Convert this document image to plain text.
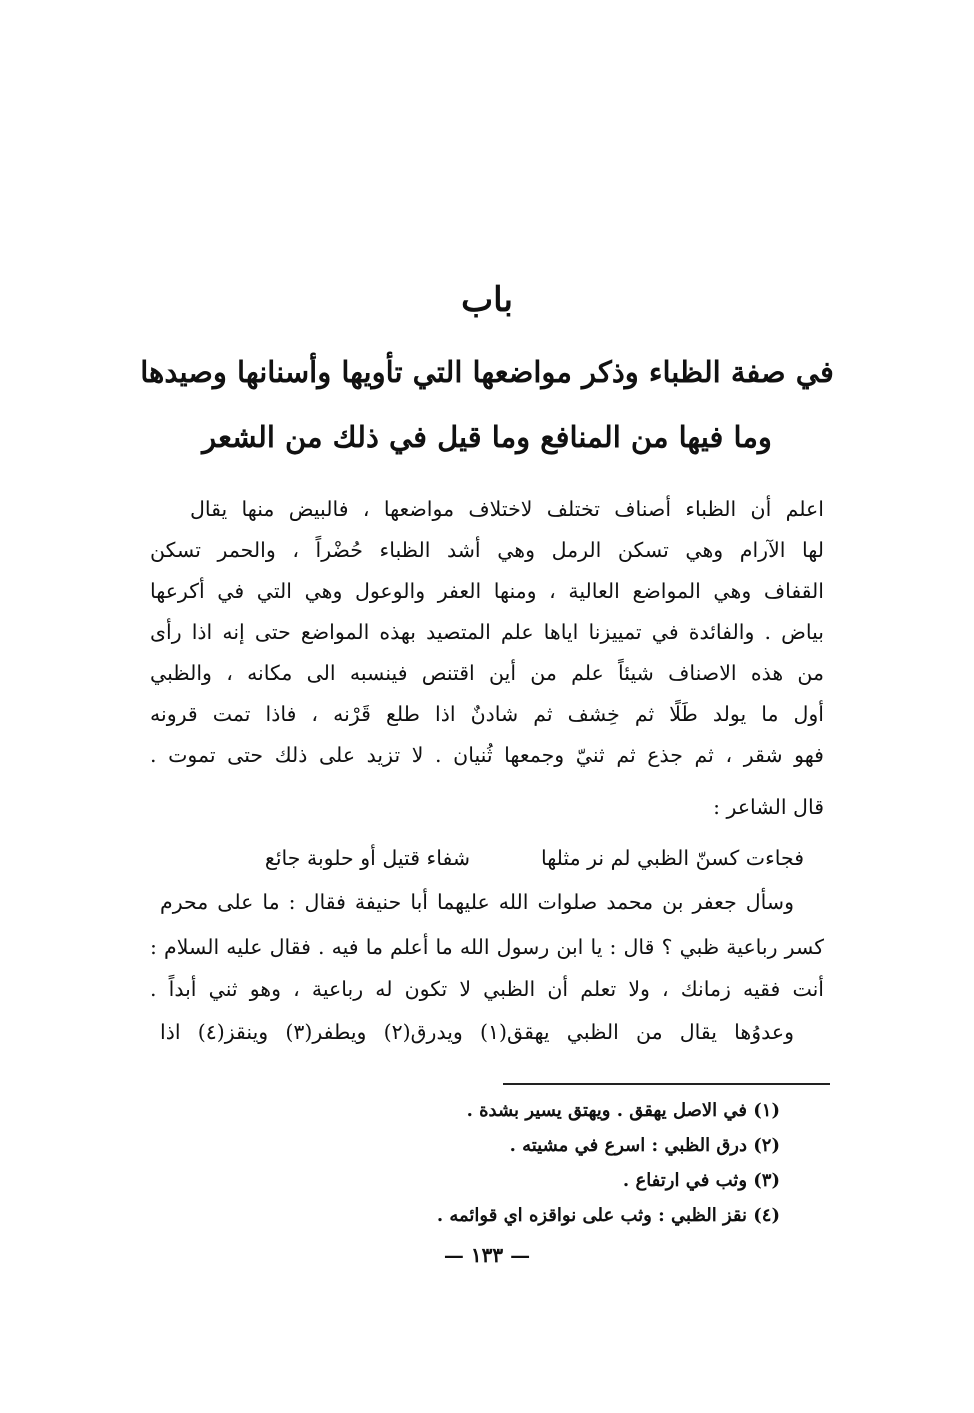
باب
في صفة الظباء وذكر مواضعها التي تأويها وأسنانها وصيدها
وما فيها من المنافع وما قيل في ذلك من الشعر
اعلم أن الظباء أصناف تختلف لاختلاف مواضعها ، فالبيض منها يقال
لها الآرام وهي تسكن الرمل وهي أشد الظباء حُضْراً ، والحمر تسكن
القفاف وهي المواضع العالية ، ومنها العفر والوعول وهي التي في أكرعها
بياض . والفائدة في تمييزنا اياها علم المتصيد بهذه المواضع حتى إنه اذا رأى
من هذه الاصناف شيئاً علم من أين اقتنص فينسبه الى مكانه ، والظبي
أول ما يولد طَلًا ثم خِشف ثم شادنٌ اذا طلع قَرْنه ، فاذا تمت قرونه
فهو شقر ، ثم جذع ثم ثنيّ وجمعها ثُنيان . لا تزيد على ذلك حتى تموت .
قال الشاعر :
فجاءت كسنّ الظبي لم نر مثلها
شفاء قتيل أو حلوبة جائع
وسأل جعفر بن محمد صلوات الله عليهما أبا حنيفة فقال : ما على محرم
كسر رباعية ظبي ؟ قال : يا ابن رسول الله ما أعلم ما فيه . فقال عليه السلام :
أنت فقيه زمانك ، ولا تعلم أن الظبي لا تكون له رباعية ، وهو ثني أبداً .
وعدوُها يقال من الظبي يهقق(١) ويدرق(٢) ويطفر(٣) وينقز(٤) اذا
(١) في الاصل يهقق . ويهتق يسير بشدة .
(٢) درق الظبي : اسرع في مشيته .
(٣) وثب في ارتفاع .
(٤) نقز الظبي : وثب على نواقزه اي قوائمه .
— ١٣٣ —
